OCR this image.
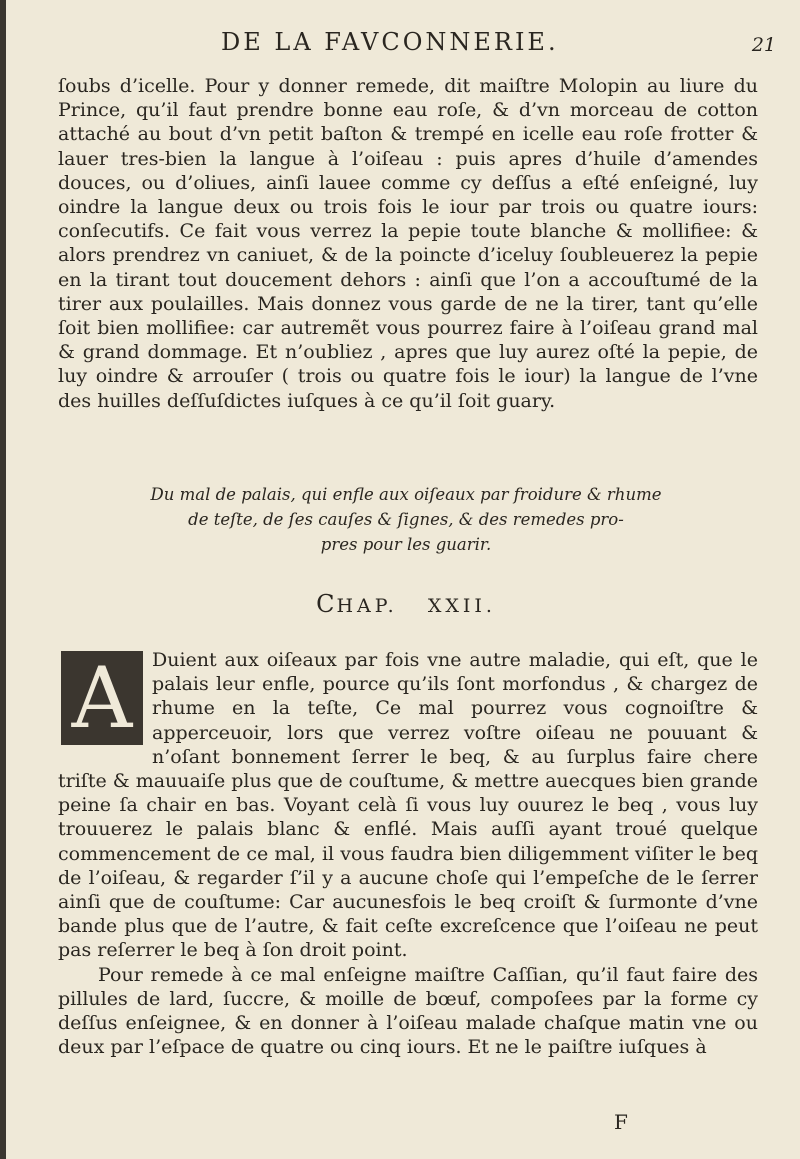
DE LA FAVCONNERIE.	21

ſoubs d’icelle. Pour y donner remede, dit maiſtre Molopin au liure du Prince, qu’il faut prendre bonne eau roſe, & d’vn morceau de cotton attaché au bout d’vn petit baſton & trempé en icelle eau roſe frotter & lauer tres-bien la langue à l’oiſeau : puis apres d’huile d’amendes douces, ou d’oliues, ainſi lauee comme cy deſſus a eſté enſeigné, luy oindre la langue deux ou trois fois le iour par trois ou quatre iours: conſecutifs. Ce fait vous verrez la pepie toute blanche & mollifiee: & alors prendrez vn caniuet, & de la poincte d’iceluy ſoubleuerez la pepie en la tirant tout doucement dehors : ainſi que l’on a accouſtumé de la tirer aux poulailles. Mais donnez vous garde de ne la tirer, tant qu’elle ſoit bien mollifiee: car autremẽt vous pourrez faire à l’oiſeau grand mal & grand dommage. Et n’oubliez , apres que luy aurez oſté la pepie, de luy oindre & arrouſer ( trois ou quatre fois le iour) la langue de l’vne des huilles deſſuſdictes iuſques à ce qu’il ſoit guary.

Du mal de palais, qui enfle aux oiſeaux par froidure & rhume
de teſte, de ſes cauſes & ſignes, & des remedes pro-
pres pour les guarir.
CHAP. XXII.
A	Duient aux oiſeaux par fois vne autre maladie, qui eſt, que le palais leur enfle, pource qu’ils ſont morfondus , & chargez de rhume en la teſte, Ce mal pourrez vous cognoiſtre & apperceuoir, lors que verrez voſtre oiſeau ne pouuant & n’oſant bonnement ſerrer le beq, & au ſurplus faire chere triſte & mauuaiſe plus que de couſtume, & mettre auecques bien grande peine ſa chair en bas. Voyant celà ſi vous luy ouurez le beq , vous luy trouuerez le palais blanc & enflé. Mais auſſi ayant troué quelque commencement de ce mal, il vous faudra bien diligemment viſiter le beq de l’oiſeau, & regarder ſ’il y a aucune choſe qui l’empeſche de le ſerrer ainſi que de couſtume: Car aucunesfois le beq croiſt & ſurmonte d’vne bande plus que de l’autre, & fait ceſte excreſcence que l’oiſeau ne peut pas reſerrer le beq à ſon droit point.

Pour remede à ce mal enſeigne maiſtre Caſſian, qu’il faut faire des pillules de lard, ſuccre, & moille de bœuf, compoſees par la forme cy deſſus enſeignee, & en donner à l’oiſeau malade chaſque matin vne ou deux par l’eſpace de quatre ou cinq iours. Et ne le paiſtre iuſques à

F
